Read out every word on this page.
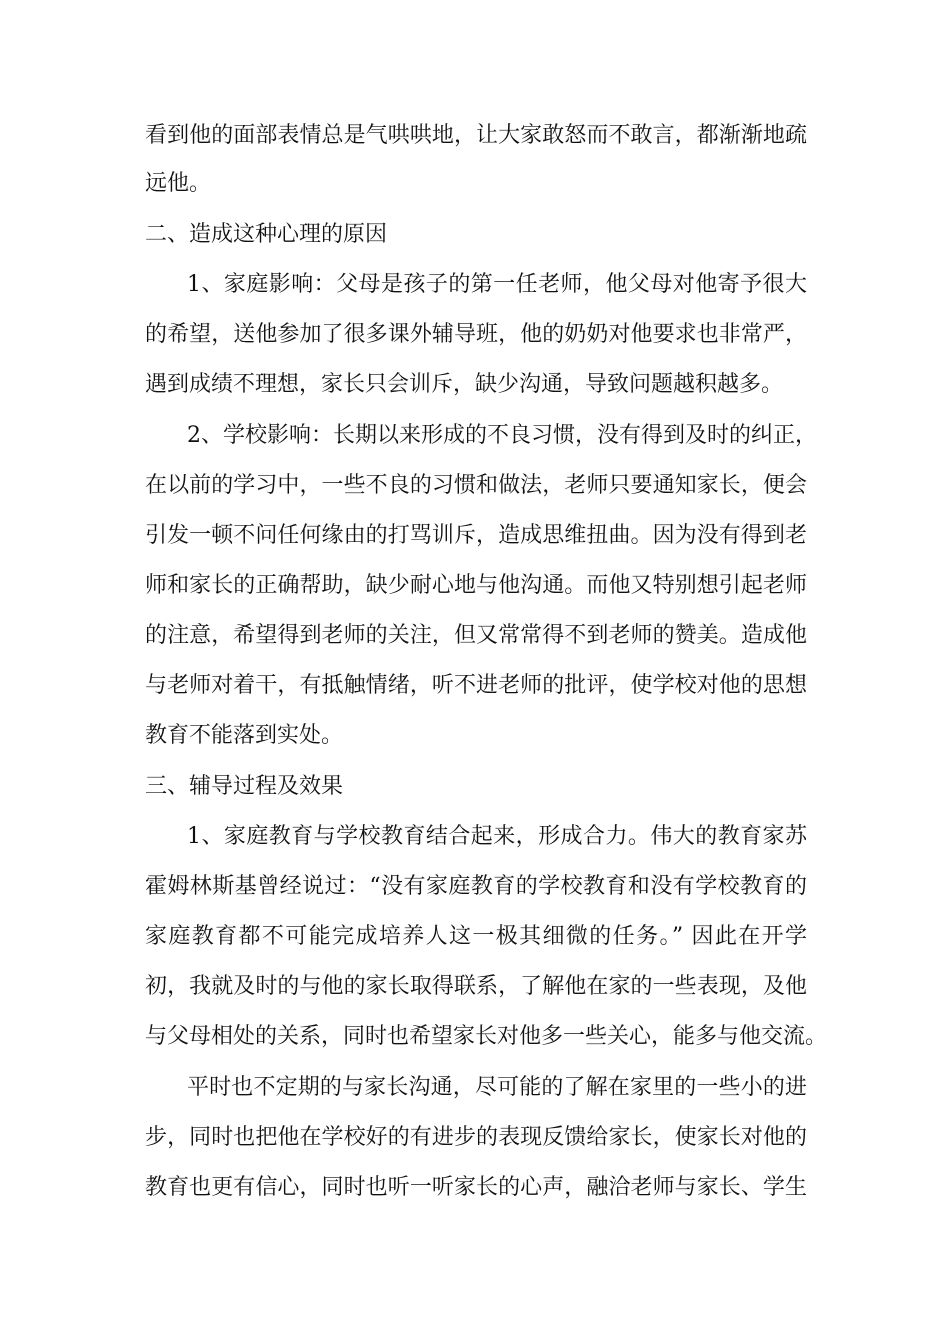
看到他的面部表情总是气哄哄地，让大家敢怒而不敢言，都渐渐地疏
远他。
二、造成这种心理的原因
1、家庭影响：父母是孩子的第一任老师，他父母对他寄予很大
的希望，送他参加了很多课外辅导班，他的奶奶对他要求也非常严，
遇到成绩不理想，家长只会训斥，缺少沟通，导致问题越积越多。
2、学校影响：长期以来形成的不良习惯，没有得到及时的纠正，
在以前的学习中，一些不良的习惯和做法，老师只要通知家长，便会
引发一顿不问任何缘由的打骂训斥，造成思维扭曲。因为没有得到老
师和家长的正确帮助，缺少耐心地与他沟通。而他又特别想引起老师
的注意，希望得到老师的关注，但又常常得不到老师的赞美。造成他
与老师对着干，有抵触情绪，听不进老师的批评，使学校对他的思想
教育不能落到实处。
三、辅导过程及效果
1、家庭教育与学校教育结合起来，形成合力。伟大的教育家苏
霍姆林斯基曾经说过：“没有家庭教育的学校教育和没有学校教育的
家庭教育都不可能完成培养人这一极其细微的任务。” 因此在开学
初，我就及时的与他的家长取得联系，了解他在家的一些表现，及他
与父母相处的关系，同时也希望家长对他多一些关心，能多与他交流。
平时也不定期的与家长沟通，尽可能的了解在家里的一些小的进
步，同时也把他在学校好的有进步的表现反馈给家长，使家长对他的
教育也更有信心，同时也听一听家长的心声，融洽老师与家长、学生
